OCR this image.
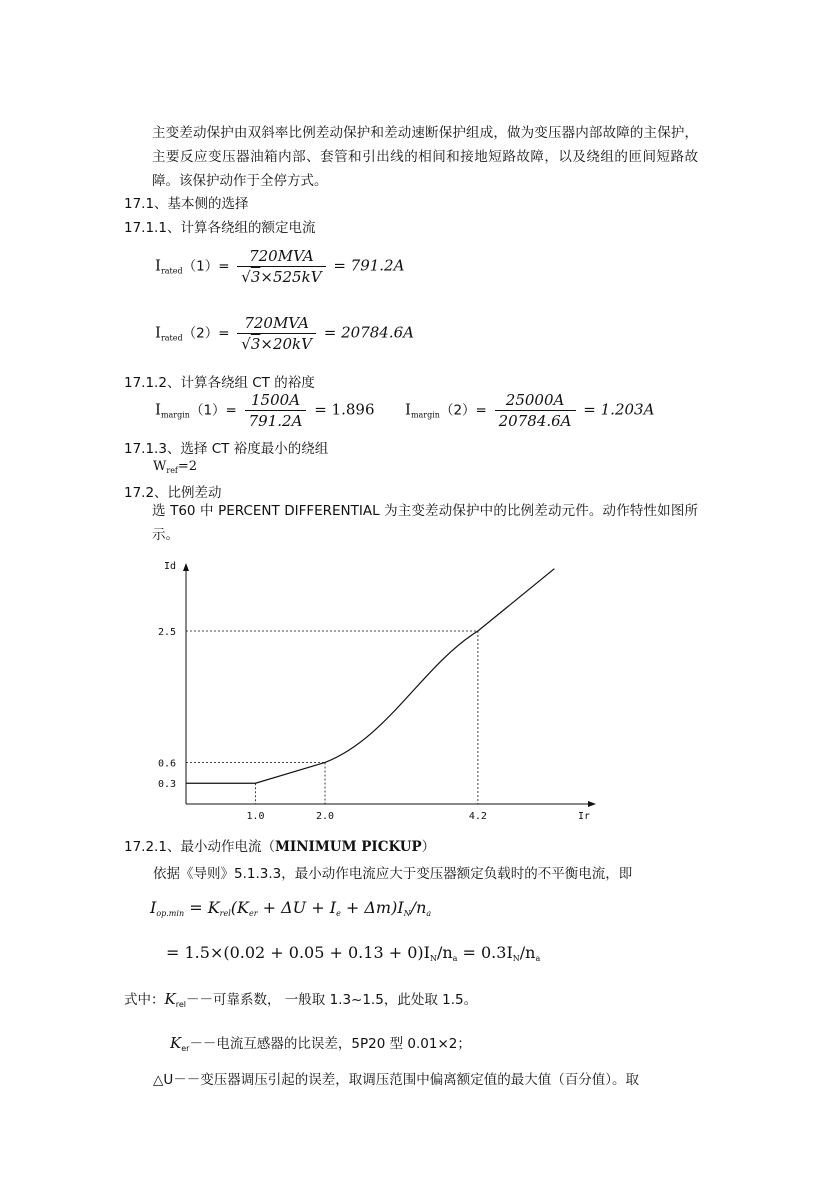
主变差动保护由双斜率比例差动保护和差动速断保护组成，做为变压器内部故障的主保护，主要反应变压器油箱内部、套管和引出线的相间和接地短路故障，以及绕组的匝间短路故障。该保护动作于全停方式。
17.1、基本侧的选择
17.1.1、计算各绕组的额定电流
$I_{rated}(1)= \frac{\text{720MVA}}{√3\times 525kV} = 791.2A$
$I_{rated}(2)= \frac{\text{720MVA}}{√3\times 20kV} = 20784.6A$
17.1.2、计算各绕组 CT 的裕度
$I_{margin}(1)= \frac{1500A}{791.2A} = 1.896$ $I_{margin}(2)= \frac{25000A}{20784.6A} = 1.203A$
17.1.3、选择 CT 裕度最小的绕组
$W_{ref}=2$
17.2、比例差动
选 T60 中 PERCENT DIFFERENTIAL 为主变差动保护中的比例差动元件。动作特性如图所示。
Id
Ir
2.5
0.6
0.3
1.0	2.0	4.2
17.2.1、最小动作电流（MINIMUM PICKUP）
依据《导则》5.1.3.3，最小动作电流应大于变压器额定负载时的不平衡电流，即
$I_{op.min} = K_{rel}(K_{er} + \Delta U + I_e + \Delta m)I_N/n_a$
= $1.5\times(0.02 + 0.05 + 0.13 + 0)I_N/n_a = 0.3I_N/n_a$
式中：$K_{rel}--$可靠系数， 一般取 1.3~1.5，此处取 1.5。
$K_{er}--$电流互感器的比误差，5P20 型 0.01×2；
△U－－变压器调压引起的误差，取调压范围中偏离额定值的最大值（百分值）。取
